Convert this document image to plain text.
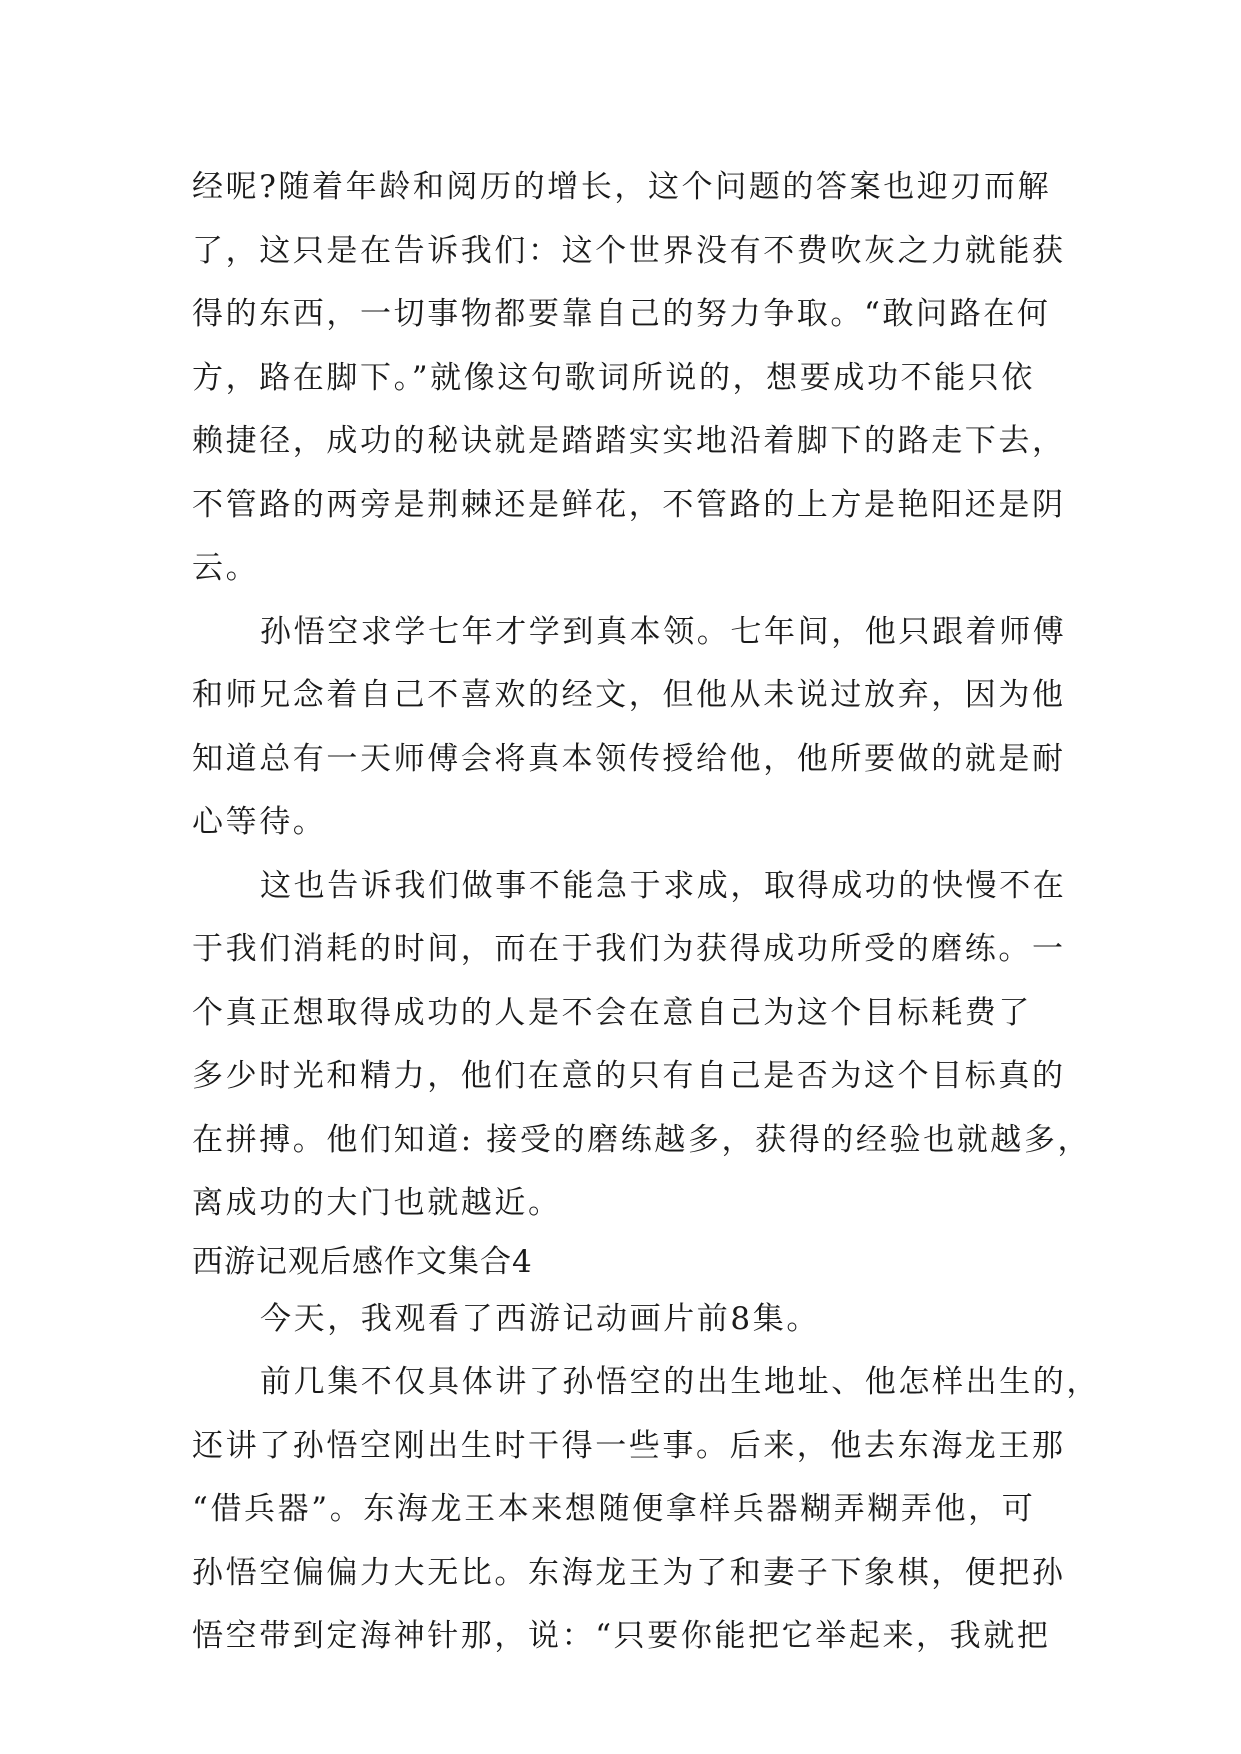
经呢?随着年龄和阅历的增长，这个问题的答案也迎刃而解
了，这只是在告诉我们：这个世界没有不费吹灰之力就能获
得的东西，一切事物都要靠自己的努力争取。“敢问路在何
方，路在脚下。”就像这句歌词所说的，想要成功不能只依
赖捷径，成功的秘诀就是踏踏实实地沿着脚下的路走下去，
不管路的两旁是荆棘还是鲜花，不管路的上方是艳阳还是阴
云。
孙悟空求学七年才学到真本领。七年间，他只跟着师傅
和师兄念着自己不喜欢的经文，但他从未说过放弃，因为他
知道总有一天师傅会将真本领传授给他，他所要做的就是耐
心等待。
这也告诉我们做事不能急于求成，取得成功的快慢不在
于我们消耗的时间，而在于我们为获得成功所受的磨练。一
个真正想取得成功的人是不会在意自己为这个目标耗费了
多少时光和精力，他们在意的只有自己是否为这个目标真的
在拼搏。他们知道: 接受的磨练越多，获得的经验也就越多，
离成功的大门也就越近。
西游记观后感作文集合4
今天，我观看了西游记动画片前8集。
前几集不仅具体讲了孙悟空的出生地址、他怎样出生的，
还讲了孙悟空刚出生时干得一些事。后来，他去东海龙王那
“借兵器”。东海龙王本来想随便拿样兵器糊弄糊弄他，可
孙悟空偏偏力大无比。东海龙王为了和妻子下象棋，便把孙
悟空带到定海神针那，说：“只要你能把它举起来，我就把
